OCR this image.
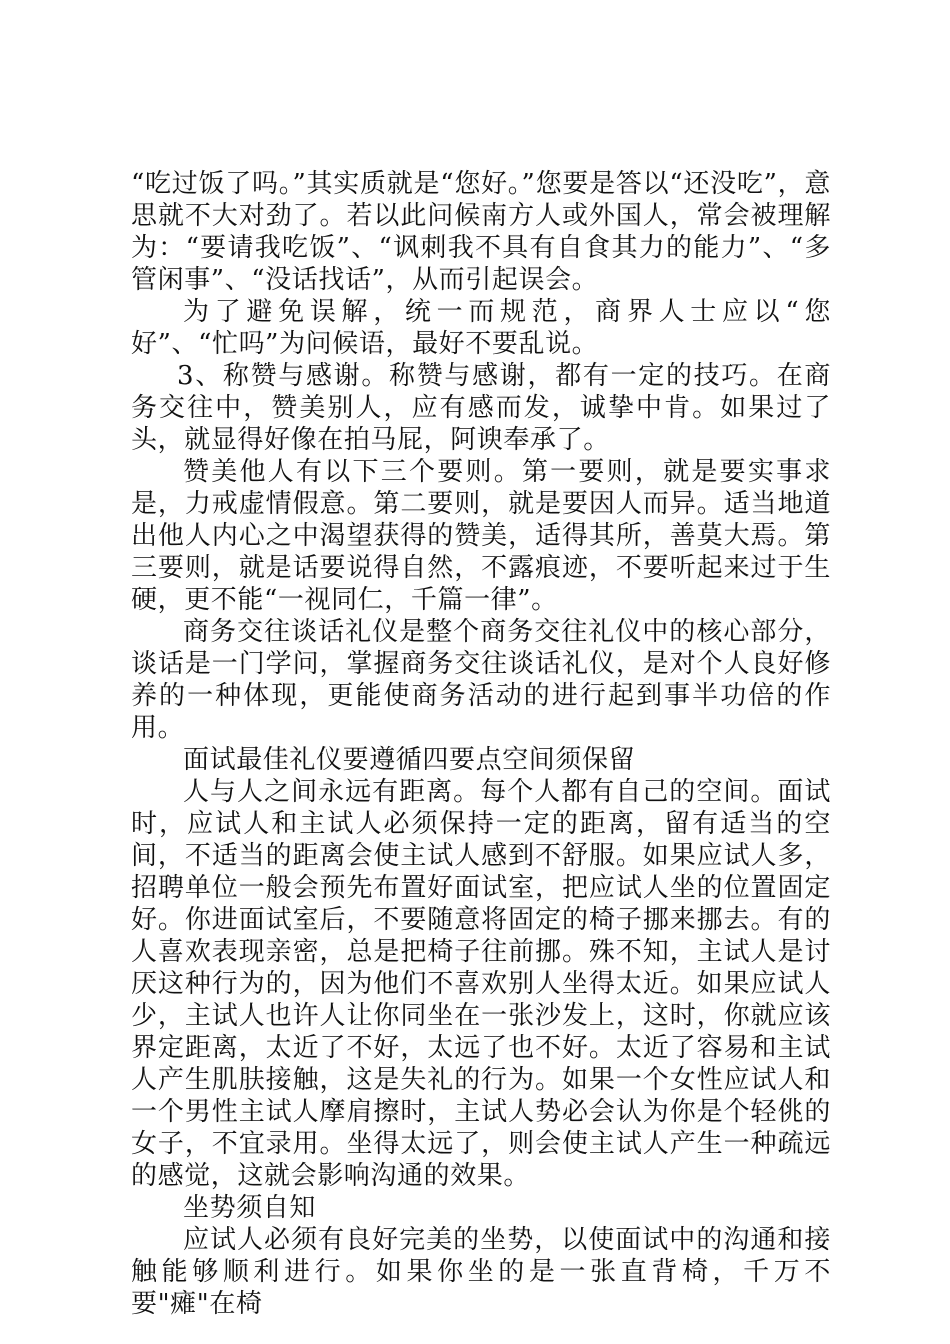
“吃过饭了吗。”其实质就是“您好。”您要是答以“还没吃”，意思就不大对劲了。若以此问候南方人或外国人，常会被理解为：“要请我吃饭”、“讽刺我不具有自食其力的能力”、“多管闲事”、“没话找话”，从而引起误会。

为了避免误解，统一而规范，商界人士应以“您好”、“忙吗”为问候语，最好不要乱说。

3、称赞与感谢。称赞与感谢，都有一定的技巧。在商务交往中，赞美别人，应有感而发，诚挚中肯。如果过了头，就显得好像在拍马屁，阿谀奉承了。

赞美他人有以下三个要则。第一要则，就是要实事求是，力戒虚情假意。第二要则，就是要因人而异。适当地道出他人内心之中渴望获得的赞美，适得其所，善莫大焉。第三要则，就是话要说得自然，不露痕迹，不要听起来过于生硬，更不能“一视同仁，千篇一律”。

商务交往谈话礼仪是整个商务交往礼仪中的核心部分，谈话是一门学问，掌握商务交往谈话礼仪，是对个人良好修养的一种体现，更能使商务活动的进行起到事半功倍的作用。

面试最佳礼仪要遵循四要点空间须保留

人与人之间永远有距离。每个人都有自己的空间。面试时，应试人和主试人必须保持一定的距离，留有适当的空间，不适当的距离会使主试人感到不舒服。如果应试人多，招聘单位一般会预先布置好面试室，把应试人坐的位置固定好。你进面试室后，不要随意将固定的椅子挪来挪去。有的人喜欢表现亲密，总是把椅子往前挪。殊不知，主试人是讨厌这种行为的，因为他们不喜欢别人坐得太近。如果应试人少，主试人也许人让你同坐在一张沙发上，这时，你就应该界定距离，太近了不好，太远了也不好。太近了容易和主试人产生肌肤接触，这是失礼的行为。如果一个女性应试人和一个男性主试人摩肩擦时，主试人势必会认为你是个轻佻的女子，不宜录用。坐得太远了，则会使主试人产生一种疏远的感觉，这就会影响沟通的效果。

坐势须自知

应试人必须有良好完美的坐势，以使面试中的沟通和接触能够顺利进行。如果你坐的是一张直背椅，千万不要"瘫"在椅
